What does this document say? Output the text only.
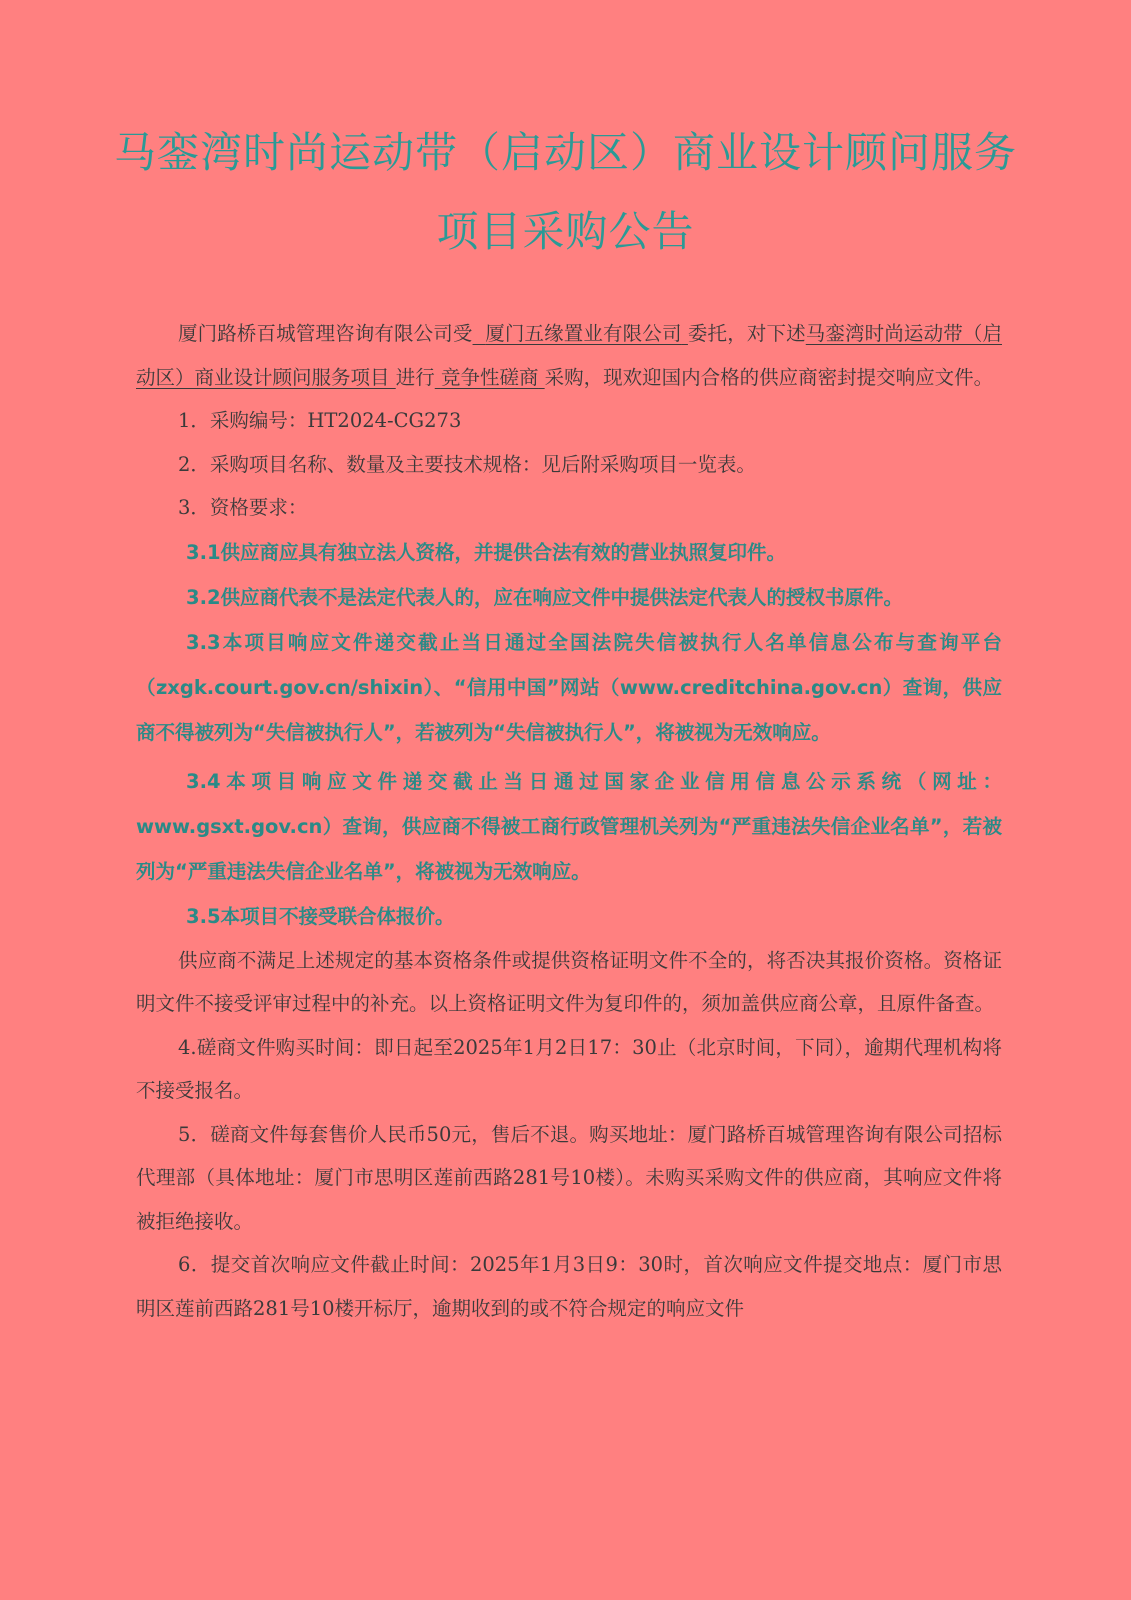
马銮湾时尚运动带（启动区）商业设计顾问服务
项目采购公告

厦门路桥百城管理咨询有限公司受 厦门五缘置业有限公司 委托，对下述马銮湾时尚运动带（启动区）商业设计顾问服务项目 进行 竞争性磋商 采购，现欢迎国内合格的供应商密封提交响应文件。

1．采购编号：HT2024-CG273

2．采购项目名称、数量及主要技术规格：见后附采购项目一览表。

3．资格要求：

3.1供应商应具有独立法人资格，并提供合法有效的营业执照复印件。

3.2供应商代表不是法定代表人的，应在响应文件中提供法定代表人的授权书原件。

3.3本项目响应文件递交截止当日通过全国法院失信被执行人名单信息公布与查询平台（zxgk.court.gov.cn/shixin）、“信用中国”网站（www.creditchina.gov.cn）查询，供应商不得被列为“失信被执行人”，若被列为“失信被执行人”，将被视为无效响应。

3.4本项目响应文件递交截止当日通过国家企业信用信息公示系统（网址：www.gsxt.gov.cn）查询，供应商不得被工商行政管理机关列为“严重违法失信企业名单”，若被列为“严重违法失信企业名单”，将被视为无效响应。

3.5本项目不接受联合体报价。

供应商不满足上述规定的基本资格条件或提供资格证明文件不全的，将否决其报价资格。资格证明文件不接受评审过程中的补充。以上资格证明文件为复印件的，须加盖供应商公章，且原件备查。

4.磋商文件购买时间：即日起至2025年1月2日17：30止（北京时间，下同），逾期代理机构将不接受报名。

5．磋商文件每套售价人民币50元，售后不退。购买地址：厦门路桥百城管理咨询有限公司招标代理部（具体地址：厦门市思明区莲前西路281号10楼）。未购买采购文件的供应商，其响应文件将被拒绝接收。

6．提交首次响应文件截止时间：2025年1月3日9：30时，首次响应文件提交地点：厦门市思明区莲前西路281号10楼开标厅，逾期收到的或不符合规定的响应文件
